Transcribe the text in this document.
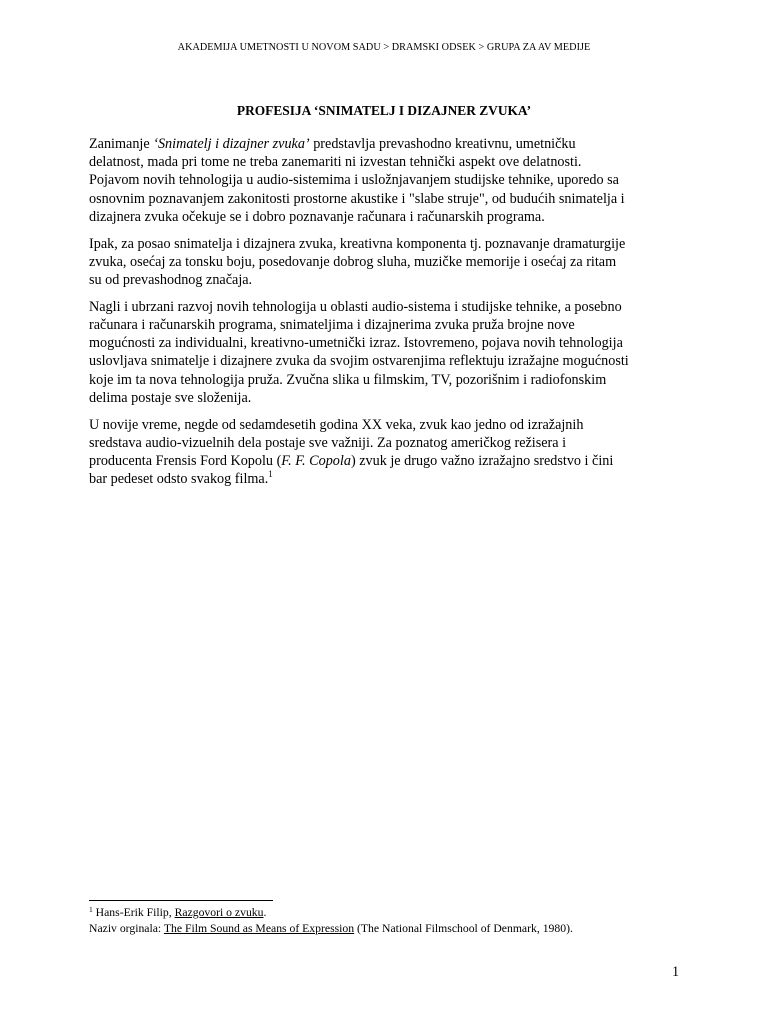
AKADEMIJA UMETNOSTI U NOVOM SADU > DRAMSKI ODSEK > GRUPA ZA AV MEDIJE
PROFESIJA ‘SNIMATELJ I DIZAJNER ZVUKA’

Zanimanje ‘Snimatelj i dizajner zvuka’ predstavlja prevashodno kreativnu, umetničku
delatnost, mada pri tome ne treba zanemariti ni izvestan tehnički aspekt ove delatnosti.
Pojavom novih tehnologija u audio-sistemima i usložnjavanjem studijske tehnike, uporedo sa
osnovnim poznavanjem zakonitosti prostorne akustike i "slabe struje", od budućih snimatelja i
dizajnera zvuka očekuje se i dobro poznavanje računara i računarskih programa.

Ipak, za posao snimatelja i dizajnera zvuka, kreativna komponenta tj. poznavanje dramaturgije
zvuka, osećaj za tonsku boju, posedovanje dobrog sluha, muzičke memorije i osećaj za ritam
su od prevashodnog značaja.

Nagli i ubrzani razvoj novih tehnologija u oblasti audio-sistema i studijske tehnike, a posebno
računara i računarskih programa, snimateljima i dizajnerima zvuka pruža brojne nove
mogućnosti za individualni, kreativno-umetnički izraz. Istovremeno, pojava novih tehnologija
uslovljava snimatelje i dizajnere zvuka da svojim ostvarenjima reflektuju izražajne mogućnosti
koje im ta nova tehnologija pruža. Zvučna slika u filmskim, TV, pozorišnim i radiofonskim
delima postaje sve složenija.

U novije vreme, negde od sedamdesetih godina XX veka, zvuk kao jedno od izražajnih
sredstava audio-vizuelnih dela postaje sve važniji. Za poznatog američkog režisera i
producenta Frensis Ford Kopolu (F. F. Copola) zvuk je drugo važno izražajno sredstvo i čini
bar pedeset odsto svakog filma.$^1$

$^1$ Hans-Erik Filip, Razgovori o zvuku.
Naziv orginala: The Film Sound as Means of Expression (The National Filmschool of Denmark, 1980).
1
